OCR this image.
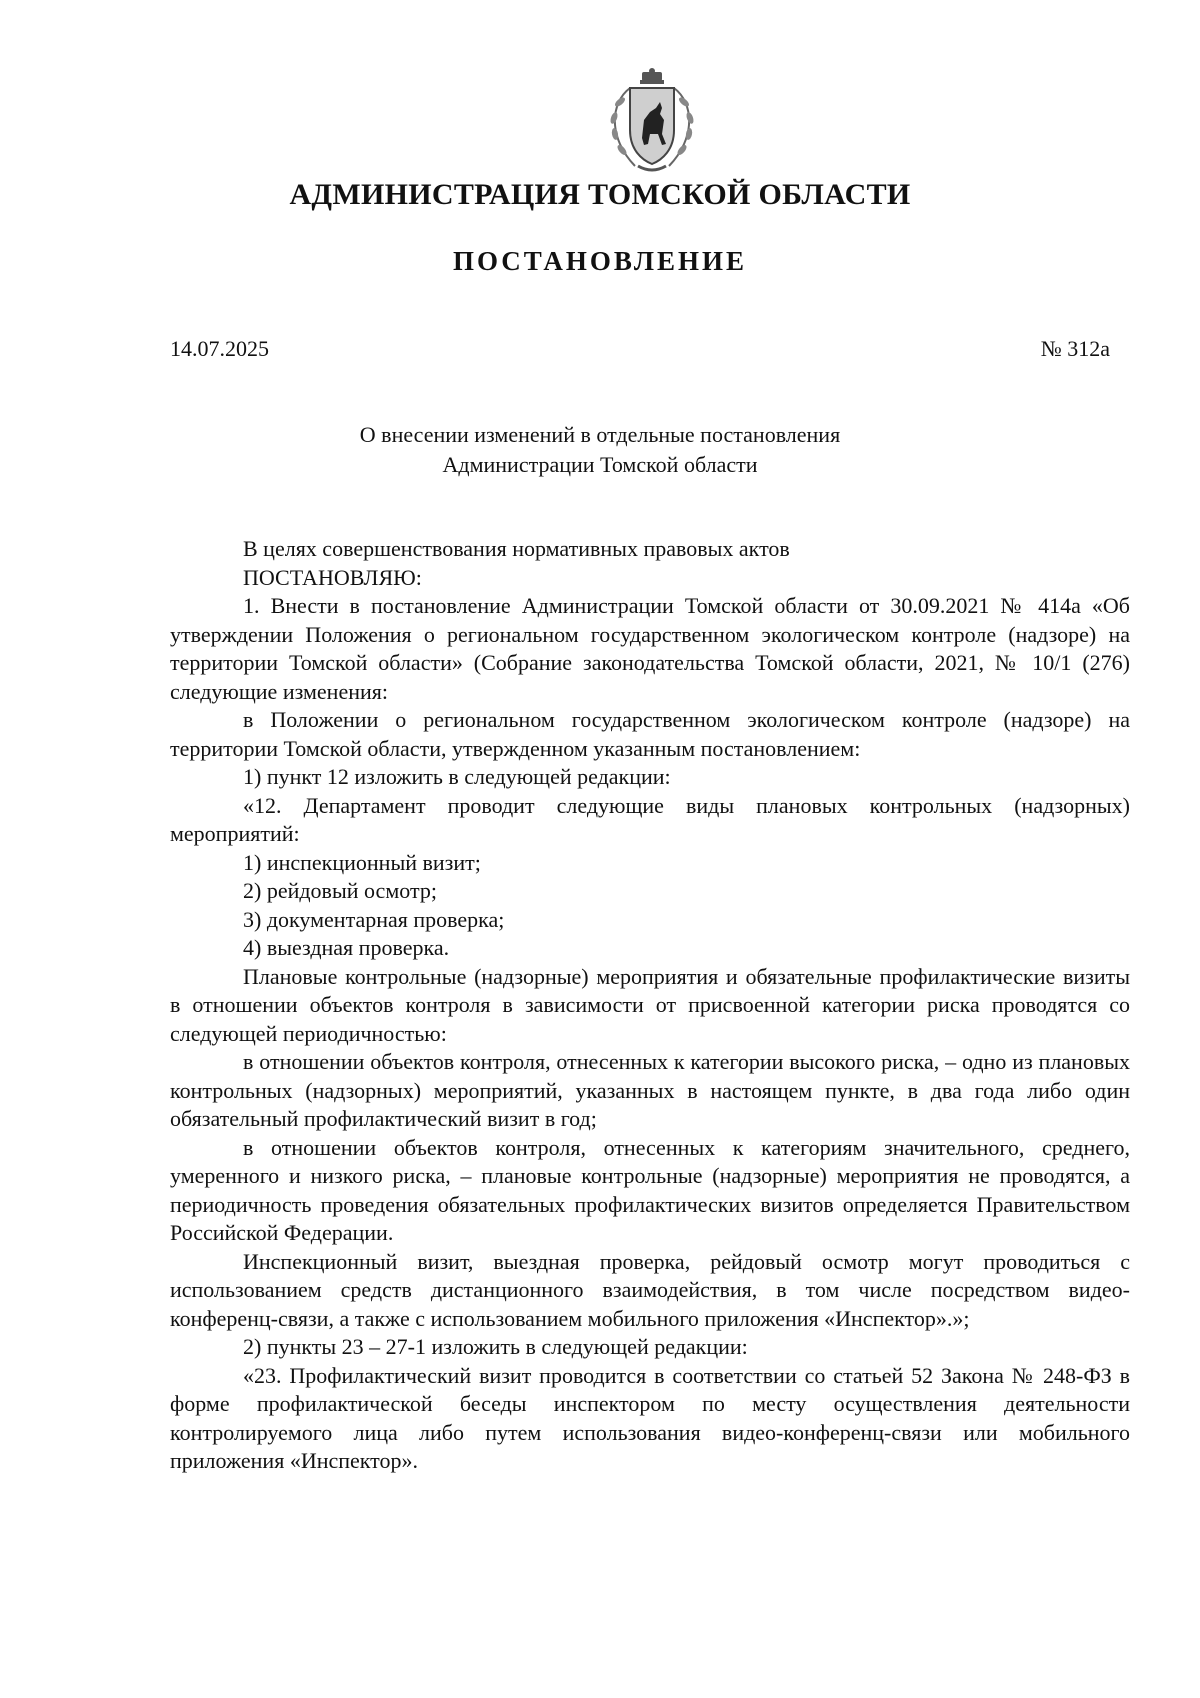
АДМИНИСТРАЦИЯ ТОМСКОЙ ОБЛАСТИ
ПОСТАНОВЛЕНИЕ
14.07.2025	№ 312а
О внесении изменений в отдельные постановления
Администрации Томской области

В целях совершенствования нормативных правовых актов

ПОСТАНОВЛЯЮ:

1. Внести в постановление Администрации Томской области от 30.09.2021 № 414а «Об утверждении Положения о региональном государственном экологическом контроле (надзоре) на территории Томской области» (Собрание законодательства Томской области, 2021, № 10/1 (276) следующие изменения:

в Положении о региональном государственном экологическом контроле (надзоре) на территории Томской области, утвержденном указанным постановлением:

1) пункт 12 изложить в следующей редакции:

«12. Департамент проводит следующие виды плановых контрольных (надзорных) мероприятий:

1) инспекционный визит;

2) рейдовый осмотр;

3) документарная проверка;

4) выездная проверка.

Плановые контрольные (надзорные) мероприятия и обязательные профилактические визиты в отношении объектов контроля в зависимости от присвоенной категории риска проводятся со следующей периодичностью:

в отношении объектов контроля, отнесенных к категории высокого риска, – одно из плановых контрольных (надзорных) мероприятий, указанных в настоящем пункте, в два года либо один обязательный профилактический визит в год;

в отношении объектов контроля, отнесенных к категориям значительного, среднего, умеренного и низкого риска, – плановые контрольные (надзорные) мероприятия не проводятся, а периодичность проведения обязательных профилактических визитов определяется Правительством Российской Федерации.

Инспекционный визит, выездная проверка, рейдовый осмотр могут проводиться с использованием средств дистанционного взаимодействия, в том числе посредством видео-конференц-связи, а также с использованием мобильного приложения «Инспектор».»;

2) пункты 23 – 27-1 изложить в следующей редакции:

«23. Профилактический визит проводится в соответствии со статьей 52 Закона № 248-ФЗ в форме профилактической беседы инспектором по месту осуществления деятельности контролируемого лица либо путем использования видео-конференц-связи или мобильного приложения «Инспектор».
